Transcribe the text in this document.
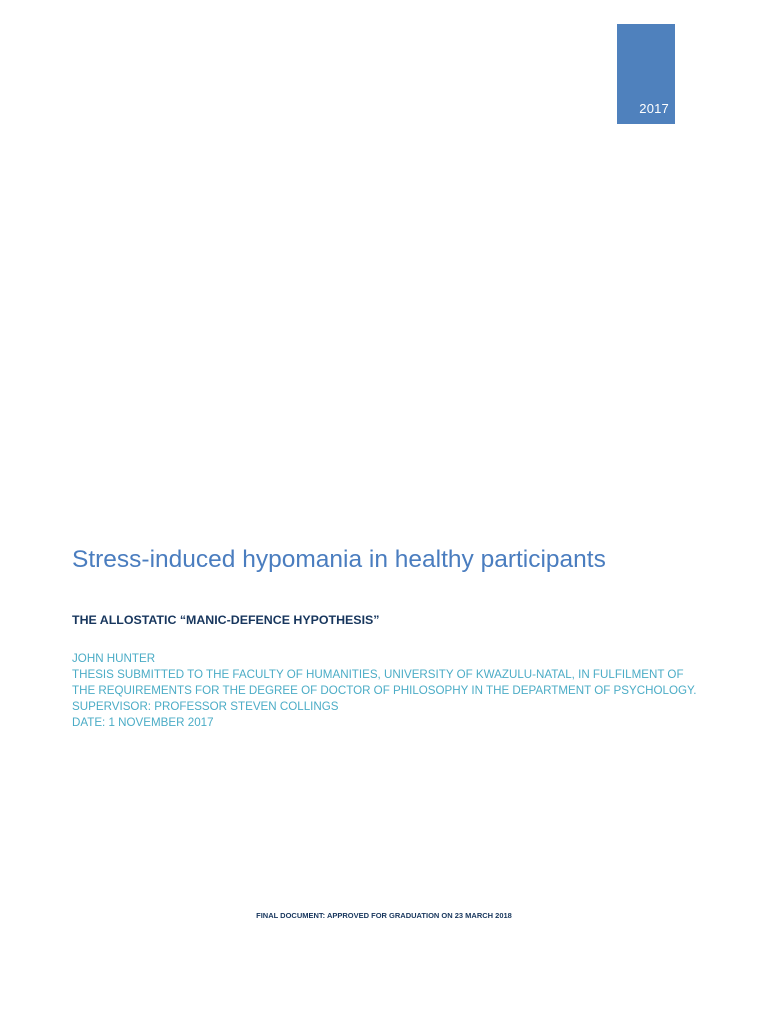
2017
Stress-induced hypomania in healthy participants
THE ALLOSTATIC “MANIC-DEFENCE HYPOTHESIS”
JOHN HUNTER
THESIS SUBMITTED TO THE FACULTY OF HUMANITIES, UNIVERSITY OF KWAZULU-NATAL, IN FULFILMENT OF
THE REQUIREMENTS FOR THE DEGREE OF DOCTOR OF PHILOSOPHY IN THE DEPARTMENT OF PSYCHOLOGY.
SUPERVISOR: PROFESSOR STEVEN COLLINGS
DATE: 1 NOVEMBER 2017
FINAL DOCUMENT: APPROVED FOR GRADUATION ON 23 MARCH 2018
